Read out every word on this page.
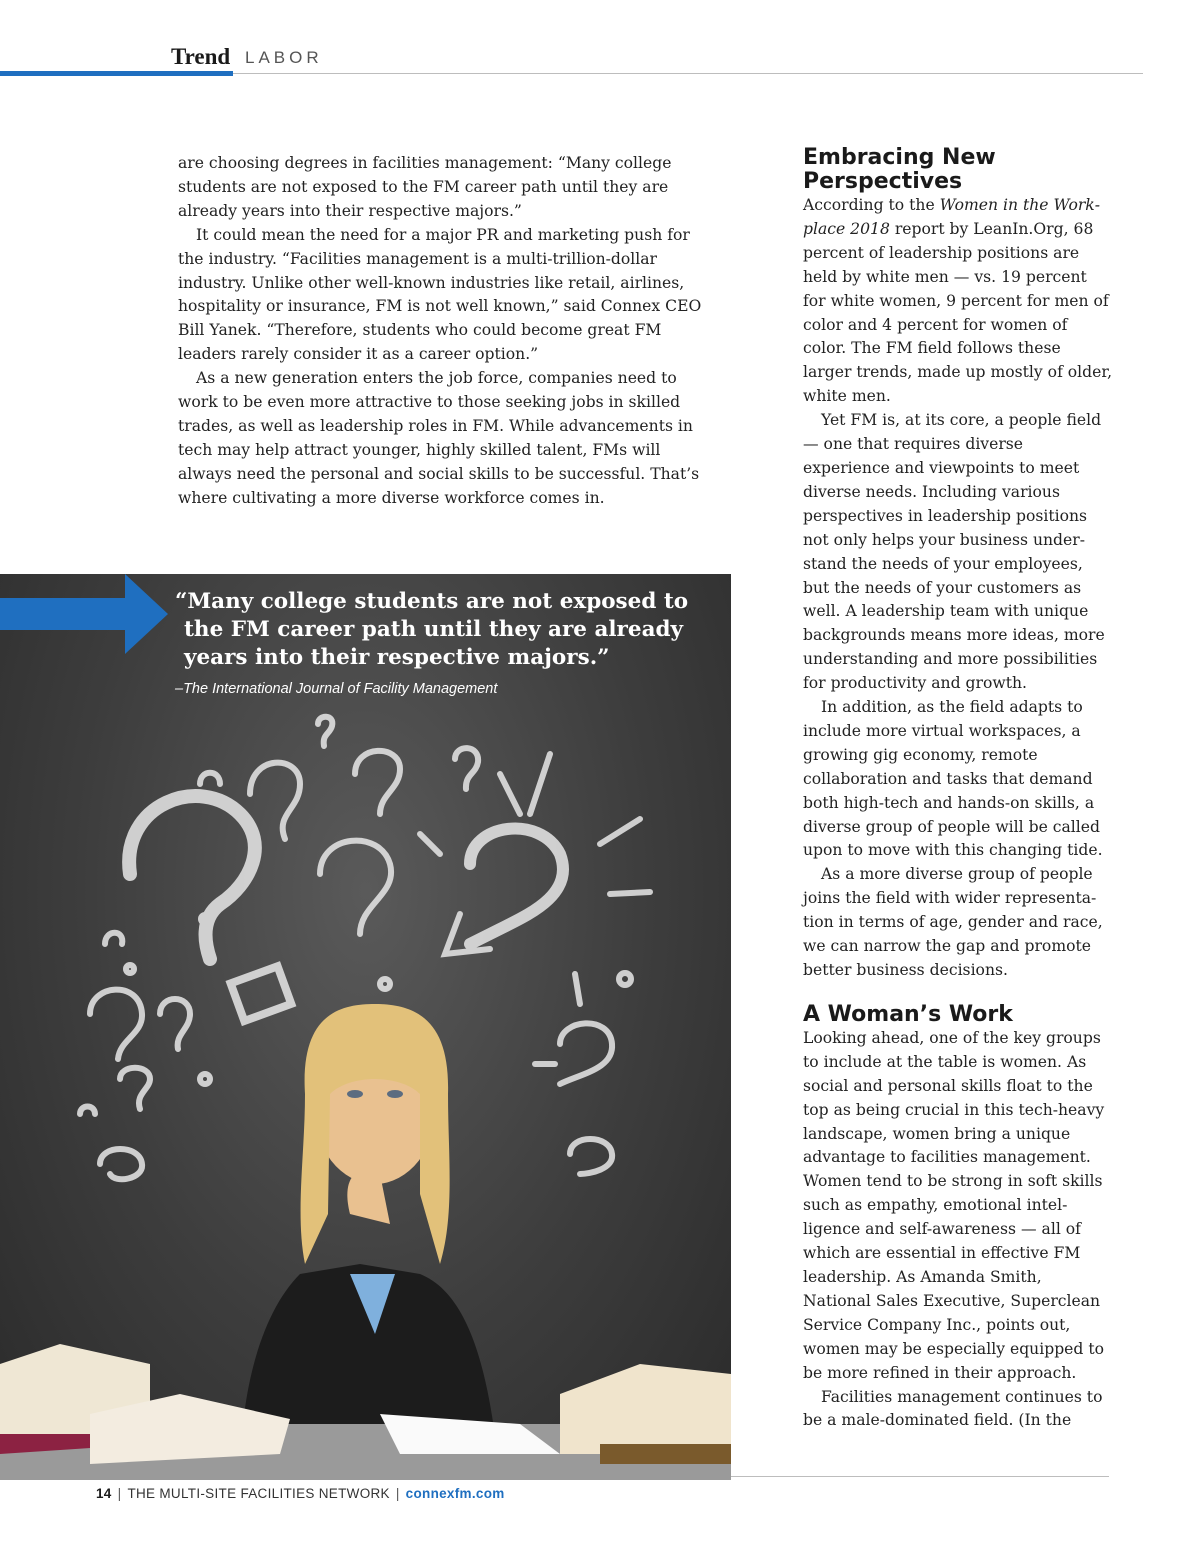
Trend LABOR

are choosing degrees in facilities management: “Many college students are not exposed to the FM career path until they are already years into their respective majors.”

It could mean the need for a major PR and marketing push for the industry. “Facilities management is a multi-trillion-dollar industry. Unlike other well-known industries like retail, airlines, hospitality or insurance, FM is not well known,” said Connex CEO Bill Yanek. “Therefore, students who could become great FM leaders rarely consider it as a career option.”

As a new generation enters the job force, companies need to work to be even more attractive to those seeking jobs in skilled trades, as well as leadership roles in FM. While advancements in tech may help attract younger, highly skilled talent, FMs will always need the personal and social skills to be successful. That’s where cultivating a more diverse workforce comes in.

“Many college students are not exposed to the FM career path until they are already years into their respective majors.”
–The International Journal of Facility Management
Embracing New Perspectives

According to the Women in the Workplace 2018 report by LeanIn.Org, 68 percent of leadership positions are held by white men — vs. 19 percent for white women, 9 percent for men of color and 4 percent for women of color. The FM field follows these larger trends, made up mostly of older, white men.

Yet FM is, at its core, a people field — one that requires diverse experience and viewpoints to meet diverse needs. Including various perspectives in leadership positions not only helps your business understand the needs of your employees, but the needs of your customers as well. A leadership team with unique backgrounds means more ideas, more understanding and more possibilities for productivity and growth.

In addition, as the field adapts to include more virtual workspaces, a growing gig economy, remote collaboration and tasks that demand both high-tech and hands-on skills, a diverse group of people will be called upon to move with this changing tide.

As a more diverse group of people joins the field with wider representation in terms of age, gender and race, we can narrow the gap and promote better business decisions.

A Woman’s Work

Looking ahead, one of the key groups to include at the table is women. As social and personal skills float to the top as being crucial in this tech-heavy landscape, women bring a unique advantage to facilities management. Women tend to be strong in soft skills such as empathy, emotional intelligence and self-awareness — all of which are essential in effective FM leadership. As Amanda Smith, National Sales Executive, Superclean Service Company Inc., points out, women may be especially equipped to be more refined in their approach.

Facilities management continues to be a male-dominated field. (In the

14 | THE MULTI-SITE FACILITIES NETWORK | connexfm.com
